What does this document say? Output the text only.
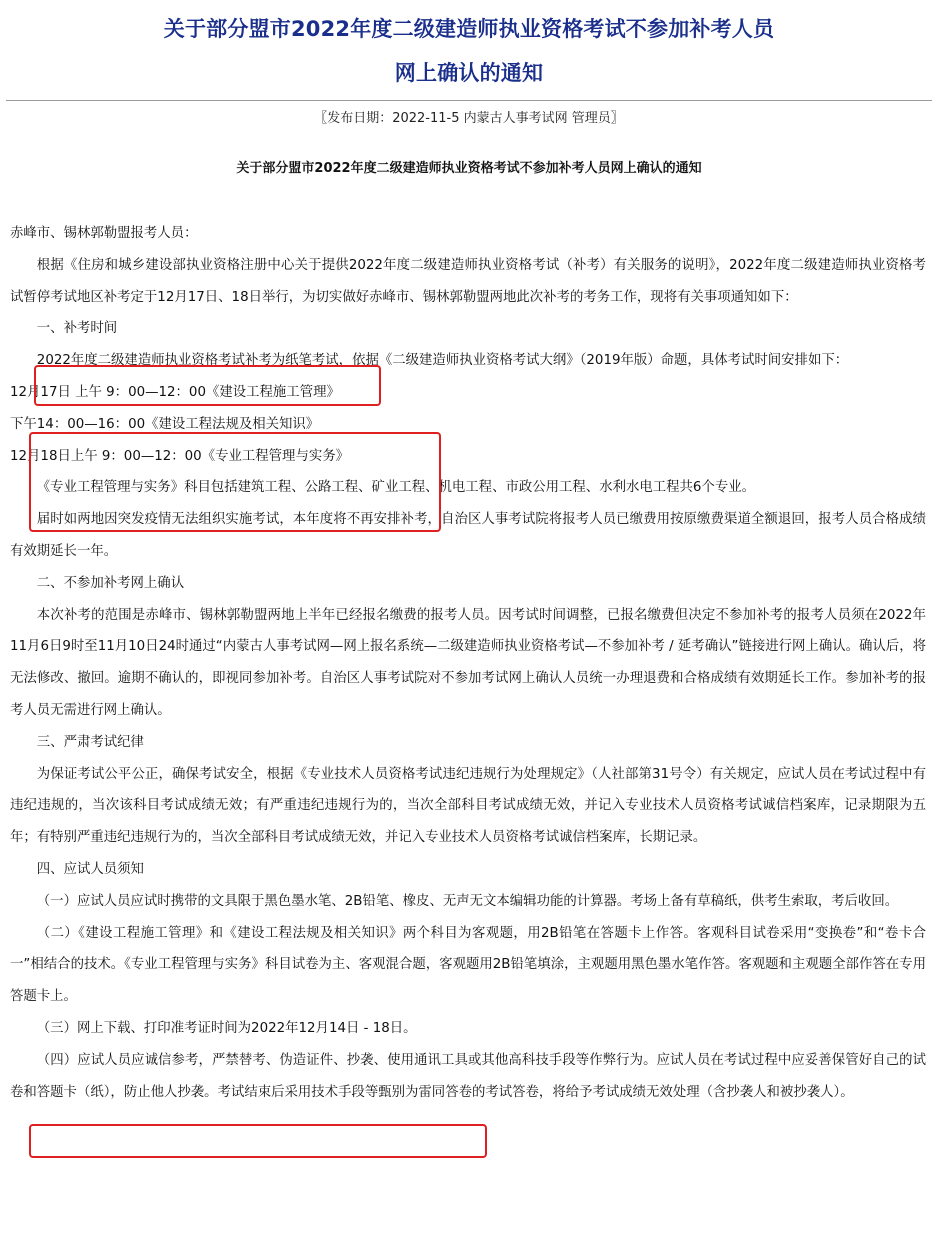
关于部分盟市2022年度二级建造师执业资格考试不参加补考人员
网上确认的通知
〖发布日期：2022-11-5 内蒙古人事考试网 管理员〗
关于部分盟市2022年度二级建造师执业资格考试不参加补考人员网上确认的通知

赤峰市、锡林郭勒盟报考人员：

根据《住房和城乡建设部执业资格注册中心关于提供2022年度二级建造师执业资格考试（补考）有关服务的说明》，2022年度二级建造师执业资格考试暂停考试地区补考定于12月17日、18日举行，为切实做好赤峰市、锡林郭勒盟两地此次补考的考务工作，现将有关事项通知如下：

一、补考时间

2022年度二级建造师执业资格考试补考为纸笔考试，依据《二级建造师执业资格考试大纲》（2019年版）命题，具体考试时间安排如下：

12月17日 上午 9：00—12：00《建设工程施工管理》

下午14：00—16：00《建设工程法规及相关知识》

12月18日上午 9：00—12：00《专业工程管理与实务》

《专业工程管理与实务》科目包括建筑工程、公路工程、矿业工程、机电工程、市政公用工程、水利水电工程共6个专业。

届时如两地因突发疫情无法组织实施考试，本年度将不再安排补考，自治区人事考试院将报考人员已缴费用按原缴费渠道全额退回，报考人员合格成绩有效期延长一年。

二、不参加补考网上确认

本次补考的范围是赤峰市、锡林郭勒盟两地上半年已经报名缴费的报考人员。因考试时间调整，已报名缴费但决定不参加补考的报考人员须在2022年11月6日9时至11月10日24时通过“内蒙古人事考试网—网上报名系统—二级建造师执业资格考试—不参加补考 / 延考确认”链接进行网上确认。确认后，将无法修改、撤回。逾期不确认的，即视同参加补考。自治区人事考试院对不参加考试网上确认人员统一办理退费和合格成绩有效期延长工作。参加补考的报考人员无需进行网上确认。

三、严肃考试纪律

为保证考试公平公正，确保考试安全，根据《专业技术人员资格考试违纪违规行为处理规定》（人社部第31号令）有关规定，应试人员在考试过程中有违纪违规的，当次该科目考试成绩无效；有严重违纪违规行为的，当次全部科目考试成绩无效，并记入专业技术人员资格考试诚信档案库，记录期限为五年；有特别严重违纪违规行为的，当次全部科目考试成绩无效，并记入专业技术人员资格考试诚信档案库，长期记录。

四、应试人员须知

（一）应试人员应试时携带的文具限于黑色墨水笔、2B铅笔、橡皮、无声无文本编辑功能的计算器。考场上备有草稿纸，供考生索取，考后收回。

（二）《建设工程施工管理》和《建设工程法规及相关知识》两个科目为客观题，用2B铅笔在答题卡上作答。客观科目试卷采用“变换卷”和“卷卡合一”相结合的技术。《专业工程管理与实务》科目试卷为主、客观混合题，客观题用2B铅笔填涂，主观题用黑色墨水笔作答。客观题和主观题全部作答在专用答题卡上。

（三）网上下载、打印准考证时间为2022年12月14日 - 18日。

（四）应试人员应诚信参考，严禁替考、伪造证件、抄袭、使用通讯工具或其他高科技手段等作弊行为。应试人员在考试过程中应妥善保管好自己的试卷和答题卡（纸），防止他人抄袭。考试结束后采用技术手段等甄别为雷同答卷的考试答卷，将给予考试成绩无效处理（含抄袭人和被抄袭人）。
